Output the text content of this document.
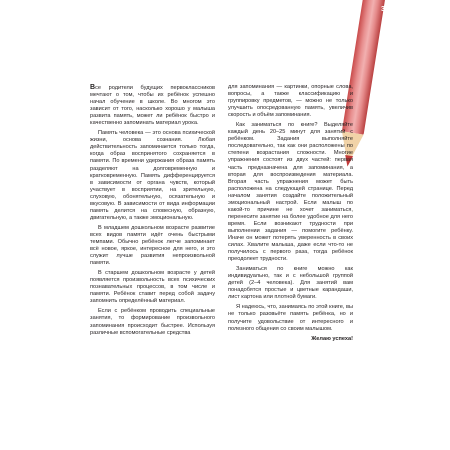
3

Все родители будущих первоклассников мечтают о том, чтобы их ребёнок успешно начал обучение в школе. Во многом это зависит от того, насколько хорошо у малыша развита память, может ли ребёнок быстро и качественно запоминать материал урока.

Память человека — это основа психической жизни, основа сознания. Любая действительность запоминается только тогда, когда образ воспринятого сохраняется в памяти. По времени удержания образа память разделяют на долговременную и кратковременную. Память дифференцируется в зависимости от органа чувств, который участвует в восприятии, на зрительную, слуховую, обонятельную, осязательную и вкусовую. В зависимости от вида информации память делится на словесную, образную, двигательную, а также эмоциональную.

В младшем дошкольном возрасте развитие всех видов памяти идёт очень быстрыми темпами. Обычно ребёнок легче запоминает всё новое, яркое, интересное для него, и это служит лучше развития непроизвольной памяти.

В старшем дошкольном возрасте у детей появляется произвольность всех психических познавательных процессов, в том числе и памяти. Ребёнок ставит перед собой задачу запомнить определённый материал.

Если с ребёнком проводить специальные занятия, то формирование произвольного запоминания происходит быстрее. Используя различные вспомогательные средства

для запоминания — картинки, опорные слова, вопросы, а также классификацию и группировку предметов, — можно не только улучшить опосредованную память, увеличив скорость и объём запоминания.

Как заниматься по книге? Выделяйте каждый день 20–25 минут для занятий с ребёнком. Задания выполняйте последовательно, так как они расположены по степени возрастания сложности. Многие упражнения состоят из двух частей: первая часть предназначена для запоминания, а вторая для воспроизведения материала. Вторая часть упражнения может быть расположена на следующей странице. Перед началом занятия создайте положительный эмоциональный настрой. Если малыш по какой-то причине не хочет заниматься, перенесите занятие на более удобное для него время. Если возникают трудности при выполнении задания — помогите ребёнку. Иначе он может потерять уверенность в своих силах. Хвалите малыша, даже если что-то не получилось с первого раза, тогда ребёнок преодолеет трудности.

Заниматься по книге можно как индивидуально, так и с небольшой группой детей (2–4 человека). Для занятий вам понадобятся простые и цветные карандаши, лист картона или плотной бумаги.

Я надеюсь, что, занимаясь по этой книге, вы не только разовьёте память ребёнка, но и получите удовольствие от интересного и полезного общения со своим малышом.

Желаю успеха!
